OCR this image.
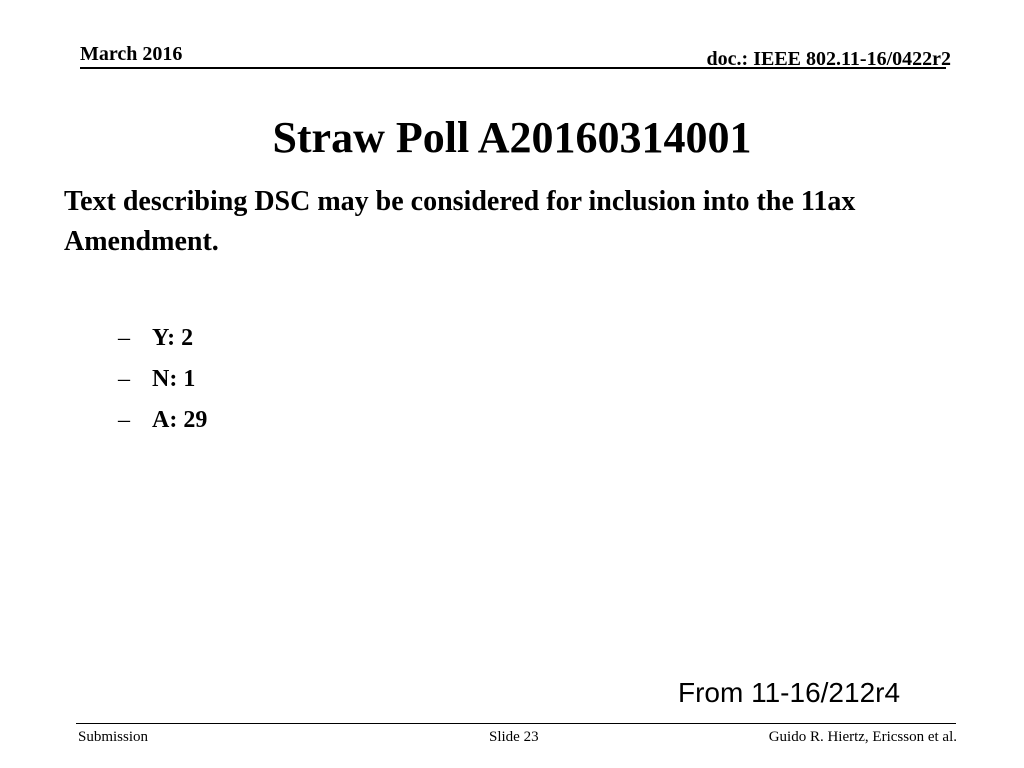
March 2016	doc.: IEEE 802.11-16/0422r2
Straw Poll A20160314001
Text describing DSC may be considered for inclusion into the 11ax Amendment.
– Y: 2
– N: 1
– A: 29
From 11-16/212r4
Submission	Slide 23	Guido R. Hiertz, Ericsson et al.
